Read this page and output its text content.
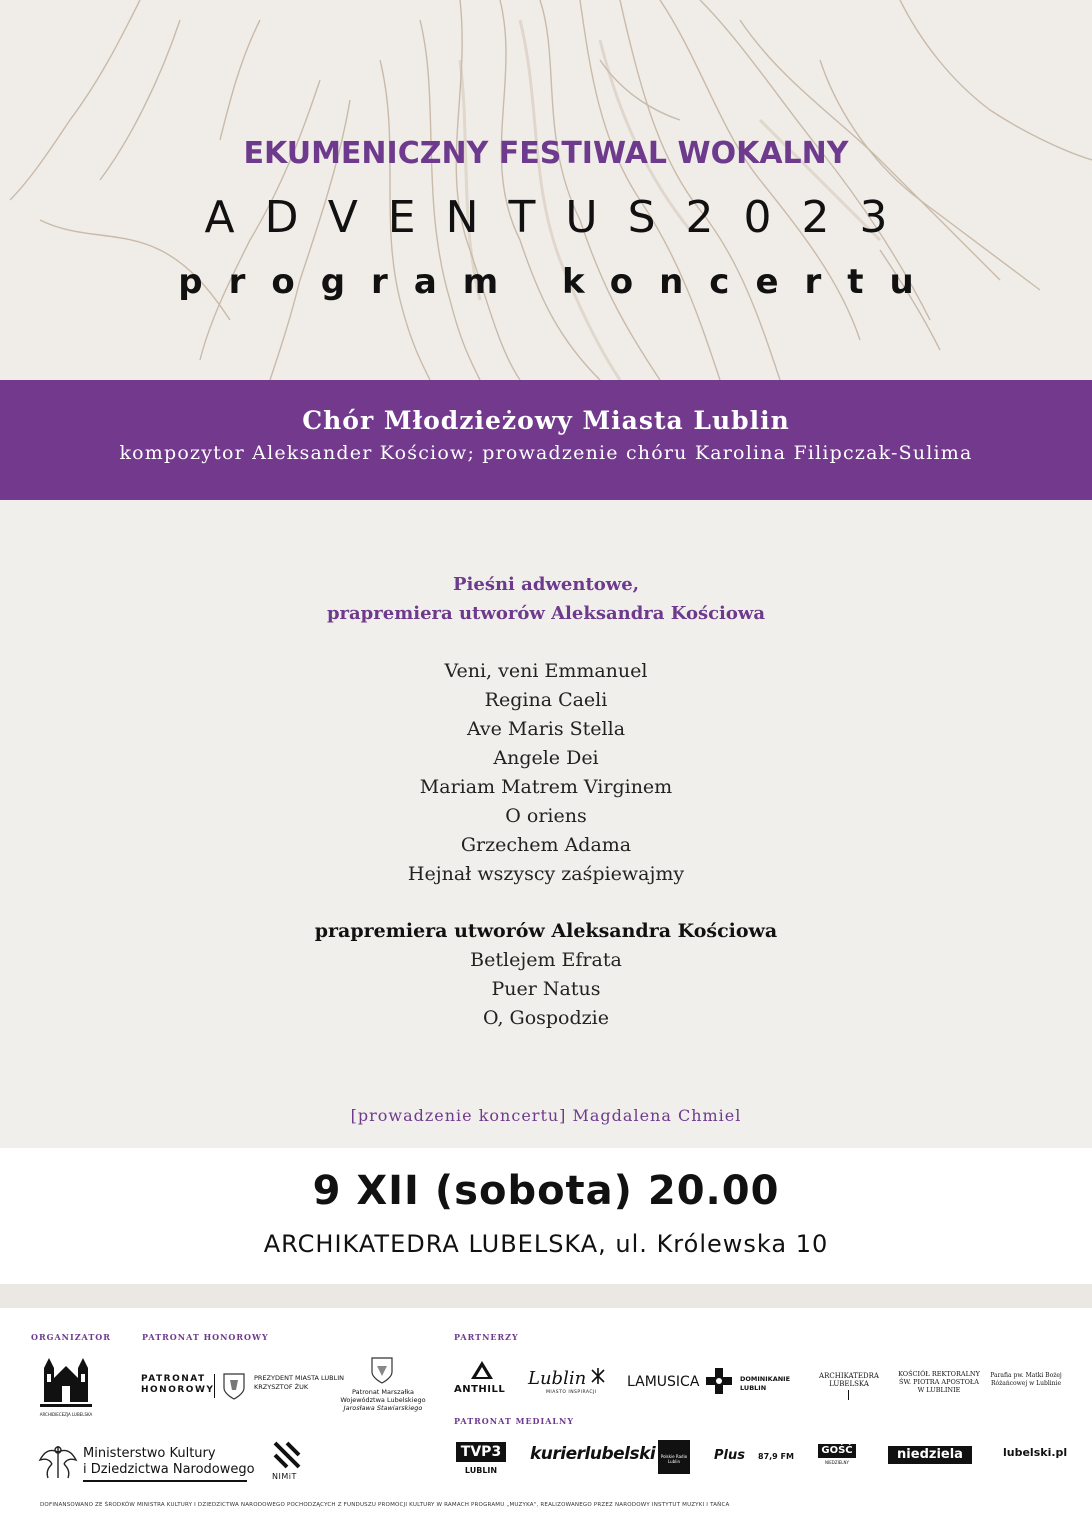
EKUMENICZNY FESTIWAL WOKALNY
ADVENTUS2023
program koncertu
Chór Młodzieżowy Miasta Lublin
kompozytor Aleksander Kościow; prowadzenie chóru Karolina Filipczak-Sulima
Pieśni adwentowe,
prapremiera utworów Aleksandra Kościowa
Veni, veni Emmanuel
Regina Caeli
Ave Maris Stella
Angele Dei
Mariam Matrem Virginem
O oriens
Grzechem Adama
Hejnał wszyscy zaśpiewajmy
prapremiera utworów Aleksandra Kościowa
Betlejem Efrata
Puer Natus
O, Gospodzie
[prowadzenie koncertu] Magdalena Chmiel
9 XII (sobota) 20.00
ARCHIKATEDRA LUBELSKA, ul. Królewska 10
ORGANIZATOR	PATRONAT HONOROWY	PARTNERZY
PATRONAT MEDIALNY
ARCHIDIECEZJA LUBELSKA
PATRONAT
HONOROWY
PREZYDENT MIASTA LUBLIN
KRZYSZTOF ŻUK
Patronat Marszałka
Województwa Lubelskiego
Jarosława Stawiarskiego
ANTHILL
Lublin
MIASTO INSPIRACJI
LAMUSICA	DOMINIKANIE
LUBLIN
ARCHIKATEDRA
LUBELSKA
KOŚCIÓŁ REKTORALNY
ŚW. PIOTRA APOSTOŁA
W LUBLINIE
Parafia pw. Matki Bożej
Różańcowej w Lublinie
Ministerstwo Kultury
i Dziedzictwa Narodowego NIMiT
TVP3
LUBLIN
kurierlubelski Polskie Radio Lublin	Plus 87,9 FM
GOŚĆ
NIEDZIELNY
niedziela	lubelski.pl
DOFINANSOWANO ZE ŚRODKÓW MINISTRA KULTURY I DZIEDZICTWA NARODOWEGO POCHODZĄCYCH Z FUNDUSZU PROMOCJI KULTURY W RAMACH PROGRAMU „MUZYKA", REALIZOWANEGO PRZEZ NARODOWY INSTYTUT MUZYKI I TAŃCA
